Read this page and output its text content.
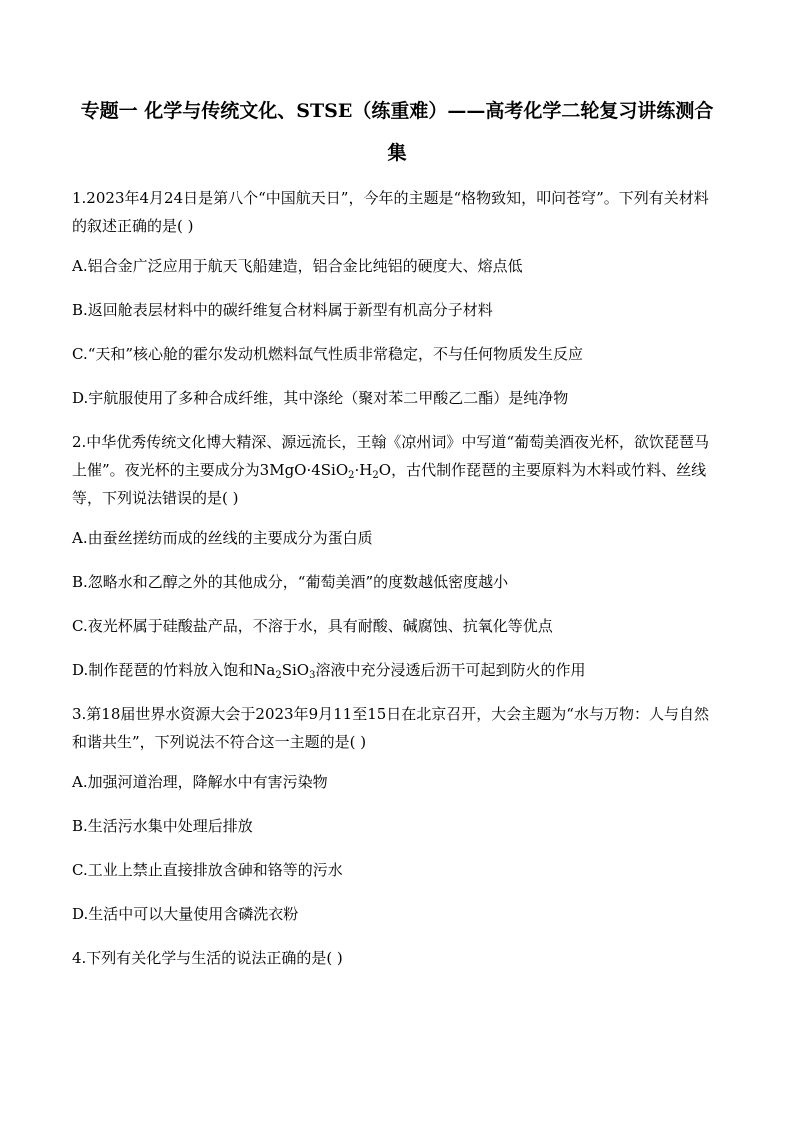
专题一 化学与传统文化、STSE（练重难）——高考化学二轮复习讲练测合集
1.2023年4月24日是第八个“中国航天日”，今年的主题是“格物致知，叩问苍穹”。下列有关材料的叙述正确的是( )
A.铝合金广泛应用于航天飞船建造，铝合金比纯铝的硬度大、熔点低
B.返回舱表层材料中的碳纤维复合材料属于新型有机高分子材料
C.“天和”核心舱的霍尔发动机燃料氙气性质非常稳定，不与任何物质发生反应
D.宇航服使用了多种合成纤维，其中涤纶（聚对苯二甲酸乙二酯）是纯净物
2.中华优秀传统文化博大精深、源远流长，王翰《凉州词》中写道“葡萄美酒夜光杯，欲饮琵琶马上催”。夜光杯的主要成分为$3MgO\cdot 4SiO_2\cdot H_2O$，古代制作琵琶的主要原料为木料或竹料、丝线等，下列说法错误的是( )
A.由蚕丝搓纺而成的丝线的主要成分为蛋白质
B.忽略水和乙醇之外的其他成分，“葡萄美酒”的度数越低密度越小
C.夜光杯属于硅酸盐产品，不溶于水，具有耐酸、碱腐蚀、抗氧化等优点
D.制作琵琶的竹料放入饱和$Na_2SiO_3$溶液中充分浸透后沥干可起到防火的作用
3.第18届世界水资源大会于2023年9月11至15日在北京召开，大会主题为“水与万物：人与自然和谐共生”，下列说法不符合这一主题的是( )
A.加强河道治理，降解水中有害污染物
B.生活污水集中处理后排放
C.工业上禁止直接排放含砷和铬等的污水
D.生活中可以大量使用含磷洗衣粉
4.下列有关化学与生活的说法正确的是( )
